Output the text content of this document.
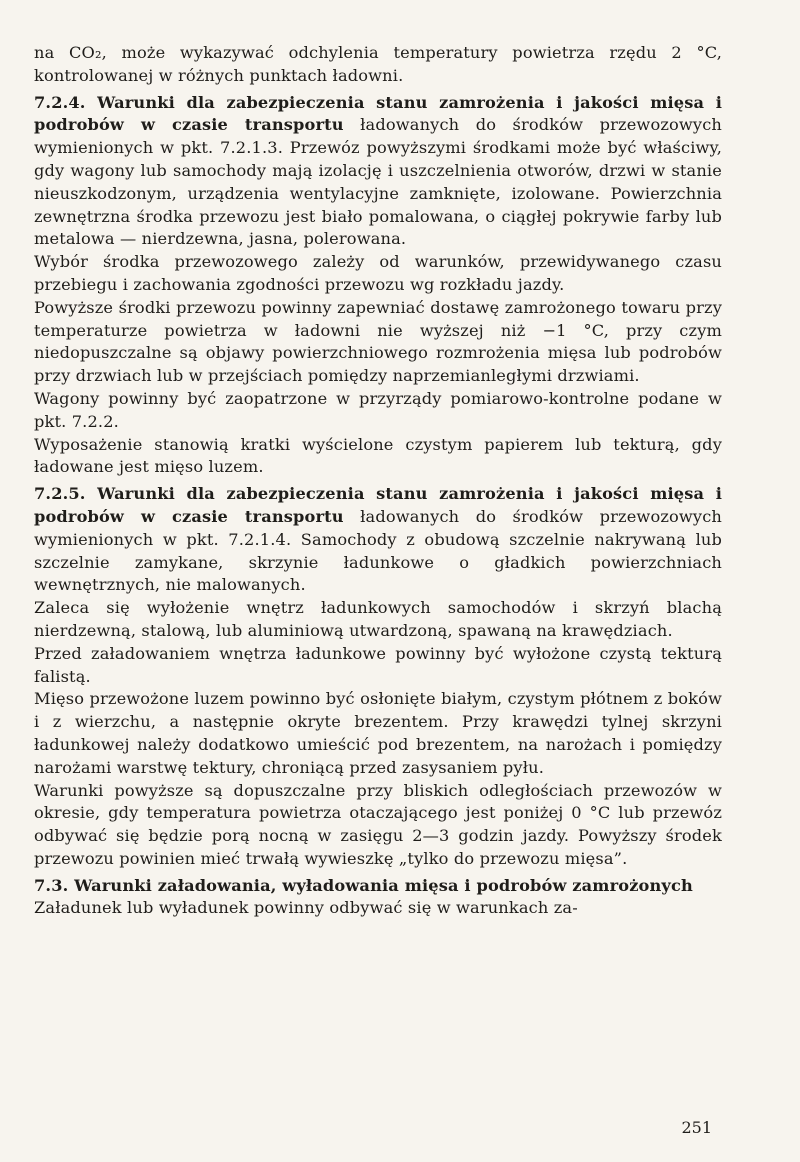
na CO₂, może wykazywać odchylenia temperatury powietrza rzędu 2 °C, kontrolowanej w różnych punktach ładowni.

7.2.4. Warunki dla zabezpieczenia stanu zamrożenia i jakości mięsa i podrobów w czasie transportu ładowanych do środków przewozowych wymienionych w pkt. 7.2.1.3. Przewóz powyższymi środkami może być właściwy, gdy wagony lub samochody mają izolację i uszczelnienia otworów, drzwi w stanie nieuszkodzonym, urządzenia wentylacyjne zamknięte, izolowane. Powierzchnia zewnętrzna środka przewozu jest biało pomalowana, o ciągłej pokrywie farby lub metalowa — nierdzewna, jasna, polerowana.

Wybór środka przewozowego zależy od warunków, przewidywanego czasu przebiegu i zachowania zgodności przewozu wg rozkładu jazdy.

Powyższe środki przewozu powinny zapewniać dostawę zamrożonego towaru przy temperaturze powietrza w ładowni nie wyższej niż −1 °C, przy czym niedopuszczalne są objawy powierzchniowego rozmrożenia mięsa lub podrobów przy drzwiach lub w przejściach pomiędzy naprzemianległymi drzwiami.

Wagony powinny być zaopatrzone w przyrządy pomiarowo-kontrolne podane w pkt. 7.2.2.

Wyposażenie stanowią kratki wyścielone czystym papierem lub tekturą, gdy ładowane jest mięso luzem.

7.2.5. Warunki dla zabezpieczenia stanu zamrożenia i jakości mięsa i podrobów w czasie transportu ładowanych do środków przewozowych wymienionych w pkt. 7.2.1.4. Samochody z obudową szczelnie nakrywaną lub szczelnie zamykane, skrzynie ładunkowe o gładkich powierzchniach wewnętrznych, nie malowanych.

Zaleca się wyłożenie wnętrz ładunkowych samochodów i skrzyń blachą nierdzewną, stalową, lub aluminiową utwardzoną, spawaną na krawędziach.

Przed załadowaniem wnętrza ładunkowe powinny być wyłożone czystą tekturą falistą.

Mięso przewożone luzem powinno być osłonięte białym, czystym płótnem z boków i z wierzchu, a następnie okryte brezentem. Przy krawędzi tylnej skrzyni ładunkowej należy dodatkowo umieścić pod brezentem, na narożach i pomiędzy narożami warstwę tektury, chroniącą przed zasysaniem pyłu.

Warunki powyższe są dopuszczalne przy bliskich odległościach przewozów w okresie, gdy temperatura powietrza otaczającego jest poniżej 0 °C lub przewóz odbywać się będzie porą nocną w zasięgu 2—3 godzin jazdy. Powyższy środek przewozu powinien mieć trwałą wywieszkę „tylko do przewozu mięsa”.

7.3. Warunki załadowania, wyładowania mięsa i podrobów zamrożonych

Załadunek lub wyładunek powinny odbywać się w warunkach za-

251
